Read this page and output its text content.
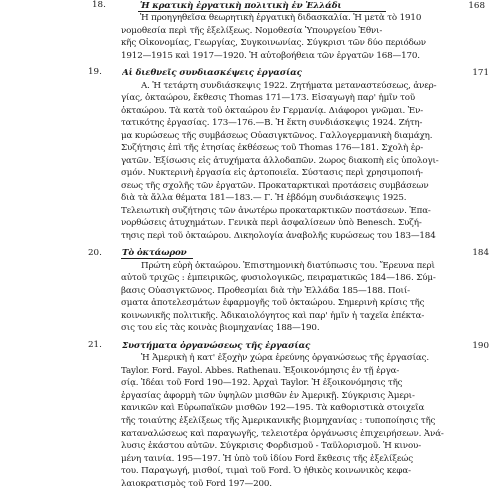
18.	Ἡ κρατικὴ ἐργατικὴ πολιτικὴ ἐν Ἑλλάδι	168
Ἡ προηγηθεῖσα θεωρητικὴ ἐργατικὴ διδασκαλία. Ἡ μετὰ τὸ 1910
νομοθεσία περὶ τῆς ἐξελίξεως. Νομοθεσία Ὑπουργείου Ἐθνι-
κῆς Οἰκονομίας, Γεωργίας, Συγκοινωνίας. Σύγκρισι τῶν δύο περιόδων
1912—1915 καὶ 1917—1920. Ἡ αὐτοβοήθεια τῶν ἐργατῶν 168—170.
19. Αἱ διεθνεῖς συνδιασκέψεις ἐργασίας	171
Α. Ἡ τετάρτη συνδιάσκεψις 1922. Ζητήματα μεταναστεύσεως, ἀνερ-
γίας, ὀκταώρου, ἔκθεσις Thomas 171—173. Εἰσαγωγὴ παρ' ἡμῖν τοῦ
ὀκταώρου. Τὰ κατὰ τοῦ ὀκταώρου ἐν Γερμανίᾳ. Διάφοροι γνῶμαι. Ἐν-
τατικότης ἐργασίας. 173—176.—Β. Ἡ ἕκτη συνδιάσκεψις 1924. Ζήτη-
μα κυρώσεως τῆς συμβάσεως Οὐασιγκτῶνος. Γαλλογερμανικὴ διαμάχη.
Συζήτησις ἐπὶ τῆς ἐτησίας ἐκθέσεως τοῦ Thomas 176—181. Σχολὴ ἐρ-
γατῶν. Ἐξίσωσις εἰς ἀτυχήματα ἀλλοδαπῶν. 2ωρος διακοπὴ εἰς ὑπολογι-
σμόν. Νυκτερινὴ ἐργασία εἰς ἀρτοποιεῖα. Σύστασις περὶ χρησιμοποιή-
σεως τῆς σχολῆς τῶν ἐργατῶν. Προκαταρκτικαὶ προτάσεις συμβάσεων
διὰ τὰ ἄλλα θέματα 181—183.— Γ. Ἡ ἑβδόμη συνδιάσκεψις 1925.
Τελειωτικὴ συζήτησις τῶν ἀνωτέρω προκαταρκτικῶν ποστάσεων. Ἐπα-
νορθώσεις ἀτυχημάτων. Γενικὰ περὶ ἀσφαλίσεων ὑπὸ Benesch. Συζή-
τησις περὶ τοῦ ὀκταώρου. Δικηολογία ἀναβολῆς κυρώσεως του 183—184
20. Τὸ ὀκτάωρον	184
Πρώτη εὐρὴ ὀκταώρου. Ἐπιστημονικὴ διατύπωσις του. Ἔρευνα περὶ
αὐτοῦ τριχῶς : ἐμπειρικῶς, φυσιολογικῶς, πειραματικῶς 184—186. Σύμ-
βασις Οὐασιγκτῶνος. Προθεσμίαι διὰ τὴν Ἑλλάδα 185—188. Ποιί-
σματα ἀποτελεσμάτων ἐφαρμογῆς τοῦ ὀκταώρου. Σημερινὴ κρίσις τῆς
κοινωνικῆς πολιτικῆς. Ἀδικαιολόγητος καὶ παρ' ἡμῖν ἡ ταχεῖα ἐπέκτα-
σις του εἰς τὰς κοινὰς βιομηχανίας 188—190.
21. Συστήματα ὀργανώσεως τῆς ἐργασίας	190
Ἡ Ἀμερικὴ ἡ κατ' ἐξοχὴν χώρα ἐρεύνης ὀργανώσεως τῆς ἐργασίας.
Taylor. Ford. Fayol. Abbes. Rathenau. Ἐξοικονόμησις ἐν τῇ ἐργα-
σίᾳ. Ἰδέαι τοῦ Ford 190—192. Ἀρχαὶ Taylor. Ἡ ἐξοικονόμησις τῆς
ἐργασίας ἀφορμὴ τῶν ὑψηλῶν μισθῶν ἐν Ἀμερικῇ. Σύγκρισις Ἀμερι-
κανικῶν καὶ Εὐρωπαϊκῶν μισθῶν 192—195. Τὰ καθοριστικὰ στοιχεῖα
τῆς τοιαύτης ἐξελίξεως τῆς Ἀμερικανικῆς βιομηχανίας : τυποποίησις τῆς
καταναλώσεως καὶ παραγωγῆς, τελειοτέρα ὀργάνωσις ἐπιχειρήσεων. Ἀνά-
λυσις ἑκάστου αὐτῶν. Σύγκρισις Φορδισμοῦ - Ταϋλορισμοῦ. Ἡ κινου-
μένη ταινία. 195—197. Ἡ ὑπὸ τοῦ ἰδίου Ford ἔκθεσις τῆς ἐξελίξεώς
του. Παραγωγή, μισθοί, τιμαὶ τοῦ Ford. Ὁ ἠθικὸς κοινωνικὸς κεφα-
λαιοκρατισμὸς τοῦ Ford 197—200.
